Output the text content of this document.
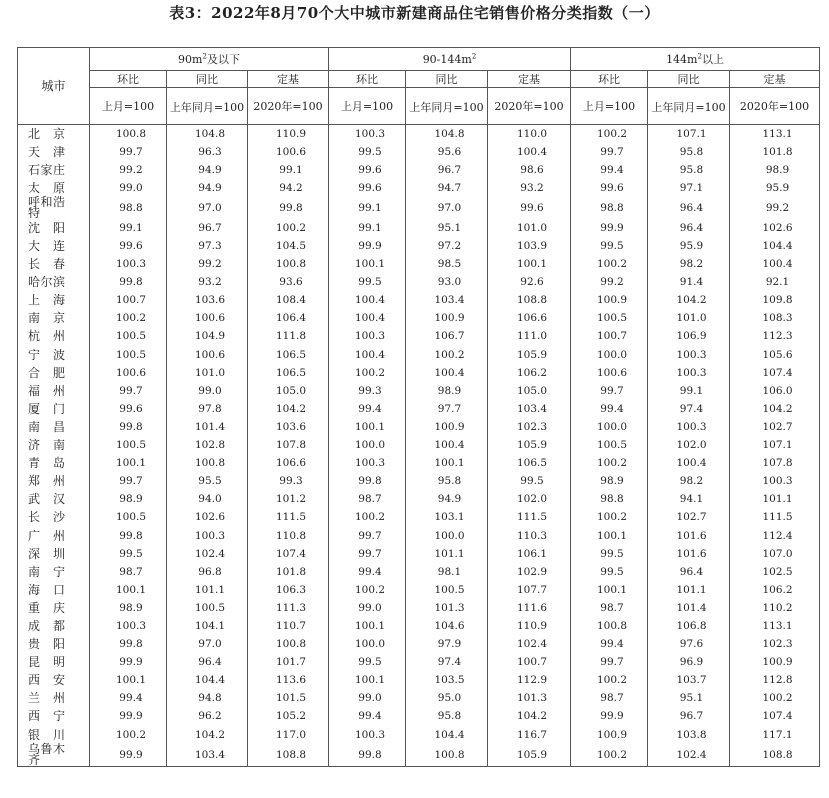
表3：2022年8月70个大中城市新建商品住宅销售价格分类指数（一）
城市	$90m^2$及以下			$90-144m^2$			$144m^2$以上		
	环比	同比	定基	环比	同比	定基	环比	同比	定基
	上月=100	上年同月=100	2020年=100	上月=100	上年同月=100	2020年=100	上月=100	上年同月=100	2020年=100
北京	100.8	104.8	110.9	100.3	104.8	110.0	100.2	107.1	113.1
天津	99.7	96.3	100.6	99.5	95.6	100.4	99.7	95.8	101.8
石家庄	99.2	94.9	99.1	99.6	96.7	98.6	99.4	95.8	98.9
太原	99.0	94.9	94.2	99.6	94.7	93.2	99.6	97.1	95.9
呼和浩特	98.8	97.0	99.8	99.1	97.0	99.6	98.8	96.4	99.2
沈阳	99.1	96.7	100.2	99.1	95.1	101.0	99.9	96.4	102.6
大连	99.6	97.3	104.5	99.9	97.2	103.9	99.5	95.9	104.4
长春	100.3	99.2	100.8	100.1	98.5	100.1	100.2	98.2	100.4
哈尔滨	99.8	93.2	93.6	99.5	93.0	92.6	99.2	91.4	92.1
上海	100.7	103.6	108.4	100.4	103.4	108.8	100.9	104.2	109.8
南京	100.2	100.6	106.4	100.4	100.9	106.6	100.5	101.0	108.3
杭州	100.5	104.9	111.8	100.3	106.7	111.0	100.7	106.9	112.3
宁波	100.5	100.6	106.5	100.4	100.2	105.9	100.0	100.3	105.6
合肥	100.6	101.0	106.5	100.2	100.4	106.2	100.6	100.3	107.4
福州	99.7	99.0	105.0	99.3	98.9	105.0	99.7	99.1	106.0
厦门	99.6	97.8	104.2	99.4	97.7	103.4	99.4	97.4	104.2
南昌	99.8	101.4	103.6	100.1	100.9	102.3	100.0	100.3	102.7
济南	100.5	102.8	107.8	100.0	100.4	105.9	100.5	102.0	107.1
青岛	100.1	100.8	106.6	100.3	100.1	106.5	100.2	100.4	107.8
郑州	99.7	95.5	99.3	99.8	95.8	99.5	98.9	98.2	100.3
武汉	98.9	94.0	101.2	98.7	94.9	102.0	98.8	94.1	101.1
长沙	100.5	102.6	111.5	100.2	103.1	111.5	100.2	102.7	111.5
广州	99.8	100.3	110.8	99.7	100.0	110.3	100.1	101.6	112.4
深圳	99.5	102.4	107.4	99.7	101.1	106.1	99.5	101.6	107.0
南宁	98.7	96.8	101.8	99.4	98.1	102.9	99.5	96.4	102.5
海口	100.1	101.1	106.3	100.2	100.5	107.7	100.1	101.1	106.2
重庆	98.9	100.5	111.3	99.0	101.3	111.6	98.7	101.4	110.2
成都	100.3	104.1	110.7	100.1	104.6	110.9	100.8	106.8	113.1
贵阳	99.8	97.0	100.8	100.0	97.9	102.4	99.4	97.6	102.3
昆明	99.9	96.4	101.7	99.5	97.4	100.7	99.7	96.9	100.9
西安	100.1	104.4	113.6	100.1	103.5	112.9	100.2	103.7	112.8
兰州	99.4	94.8	101.5	99.0	95.0	101.3	98.7	95.1	100.2
西宁	99.9	96.2	105.2	99.4	95.8	104.2	99.9	96.7	107.4
银川	100.2	104.2	117.0	100.3	104.4	116.7	100.9	103.8	117.1
乌鲁木齐	99.9	103.4	108.8	99.8	100.8	105.9	100.2	102.4	108.8
